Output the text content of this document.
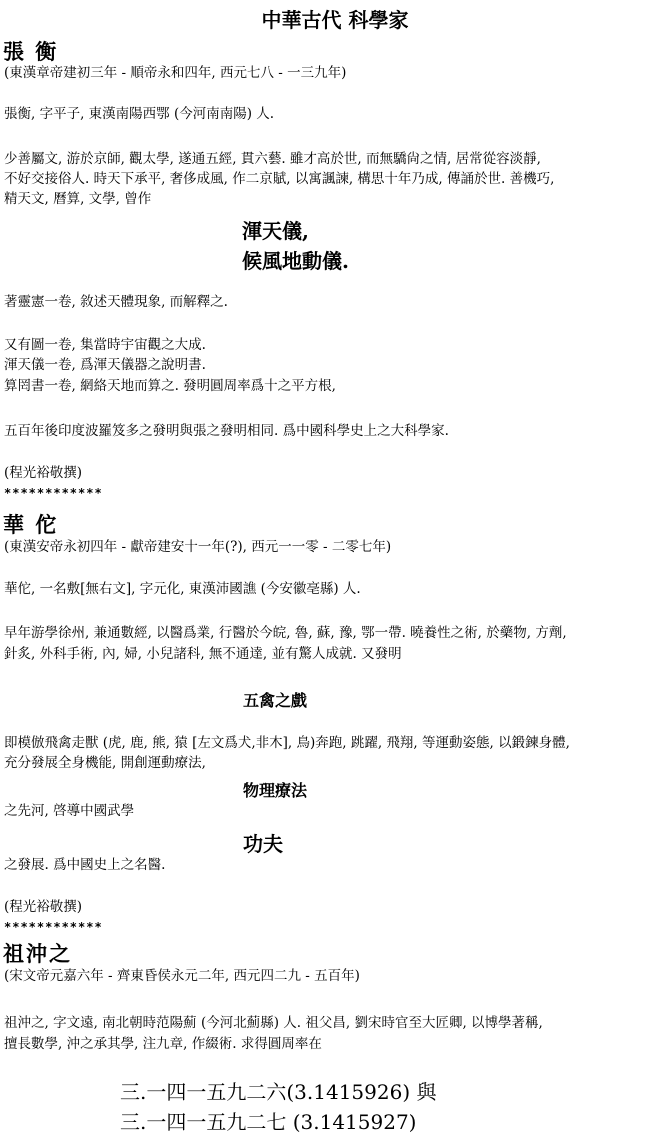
中華古代 科學家
張 衡
(東漢章帝建初三年 - 順帝永和四年, 西元七八 - 一三九年)
張衡, 字平子, 東漢南陽西鄂 (今河南南陽) 人.
少善屬文, 游於京師, 觀太學, 遂通五經, 貫六藝. 雖才高於世, 而無驕尙之情, 居常從容淡靜,
不好交接俗人. 時天下承平, 奢侈成風, 作二京賦, 以寓諷諫, 構思十年乃成, 傳誦於世. 善機巧,
精天文, 曆算, 文學, 曾作
渾天儀,
候風地動儀.
著靈憲一卷, 敘述天體現象, 而解釋之.
又有圖一卷, 集當時宇宙觀之大成.
渾天儀一卷, 爲渾天儀器之說明書.
算罔書一卷, 網絡天地而算之. 發明圓周率爲十之平方根,
五百年後印度波羅笈多之發明與張之發明相同. 爲中國科學史上之大科學家.
(程光裕敬撰)
************
華 佗
(東漢安帝永初四年 - 獻帝建安十一年(?), 西元一一零 - 二零七年)
華佗, 一名敷[無右文], 字元化, 東漢沛國譙 (今安徽亳縣) 人.
早年游學徐州, 兼通數經, 以醫爲業, 行醫於今皖, 魯, 蘇, 豫, 鄂一帶. 曉養性之術, 於藥物, 方劑,
針炙, 外科手術, 內, 婦, 小兒諸科, 無不通達, 並有驚人成就. 又發明
五禽之戲
即模倣飛禽走獸 (虎, 鹿, 熊, 猿 [左文爲犬,非木], 鳥)奔跑, 跳躍, 飛翔, 等運動姿態, 以鍛鍊身體,
充分發展全身機能, 開創運動療法,
物理療法
之先河, 啓導中國武學
功夫
之發展. 爲中國史上之名醫.
(程光裕敬撰)
************
祖沖之
(宋文帝元嘉六年 - 齊東昏侯永元二年, 西元四二九 - 五百年)
祖沖之, 字文遠, 南北朝時范陽薊 (今河北薊縣) 人. 祖父昌, 劉宋時官至大匠卿, 以博學著稱,
擅長數學, 沖之承其學, 注九章, 作綴術. 求得圓周率在
三.一四一五九二六(3.1415926) 與
三.一四一五九二七 (3.1415927)
